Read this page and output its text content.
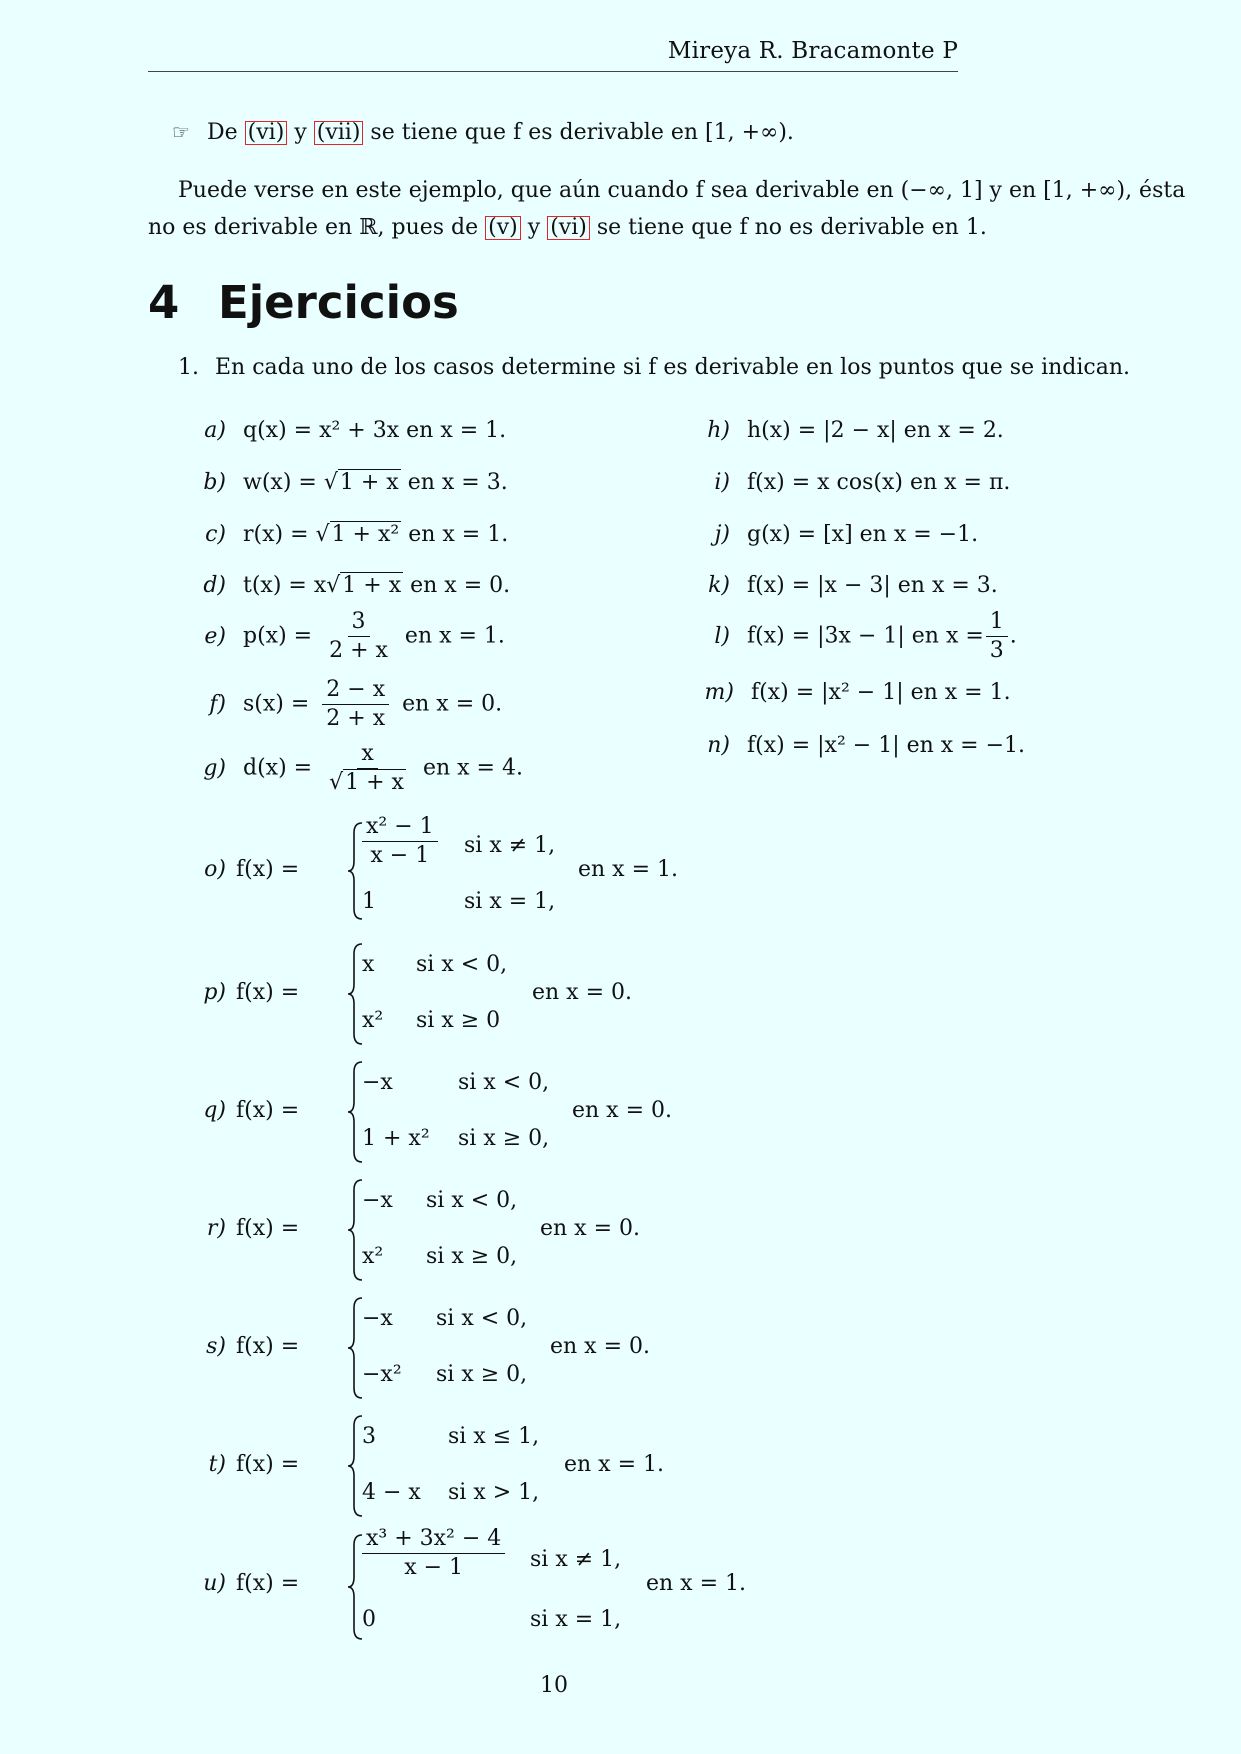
Mireya R. Bracamonte P
☞ De (vi) y (vii) se tiene que f es derivable en [1, +∞).
Puede verse en este ejemplo, que aún cuando f sea derivable en (−∞, 1] y en [1, +∞), ésta
no es derivable en ℝ, pues de (v) y (vi) se tiene que f no es derivable en 1.
4 Ejercicios
1. En cada uno de los casos determine si f es derivable en los puntos que se indican.
a) q(x) = x² + 3x en x = 1.
b) w(x) = √1 + x en x = 3.
c) r(x) = √1 + x² en x = 1.
d) t(x) = x√1 + x en x = 0.
e) $p(x) = \frac{3}{2 + x}$ en x = 1.
f) $s(x) = \frac{2 - x}{2 + x}$ en x = 0.
g) $d(x) = \frac{x}{√1 + x}$ en x = 4.
h) h(x) = |2 − x| en x = 2.
i) f(x) = x cos(x) en x = π.
j) g(x) = [x] en x = −1.
k) f(x) = |x − 3| en x = 3.
l) f(x) = |3x − 1| en $x = \frac{1}{3}$ .
m) f(x) = |x² − 1| en x = 1.
n) f(x) = |x² − 1| en x = −1.
o) f(x) =
$\frac{\text{x² − 1}}{x - 1}$ si x ≠ 1,
1	si x = 1,
en x = 1.
p) f(x) =
x si x < 0,
x² si x ≥ 0
en x = 0.
q) f(x) =
−x	si x < 0,
1 + x² si x ≥ 0,
en x = 0.
r) f(x) =
−x si x < 0,
x² si x ≥ 0,
en x = 0.
s) f(x) =
−x si x < 0,
−x² si x ≥ 0,
en x = 0.
t) f(x) =
3	si x ≤ 1,
4 − x si x > 1,
en x = 1.
u) f(x) =
$\frac{\text{x³ + 3x² − 4}}{x - 1}$ si x ≠ 1,
0	si x = 1,
en x = 1.
10
